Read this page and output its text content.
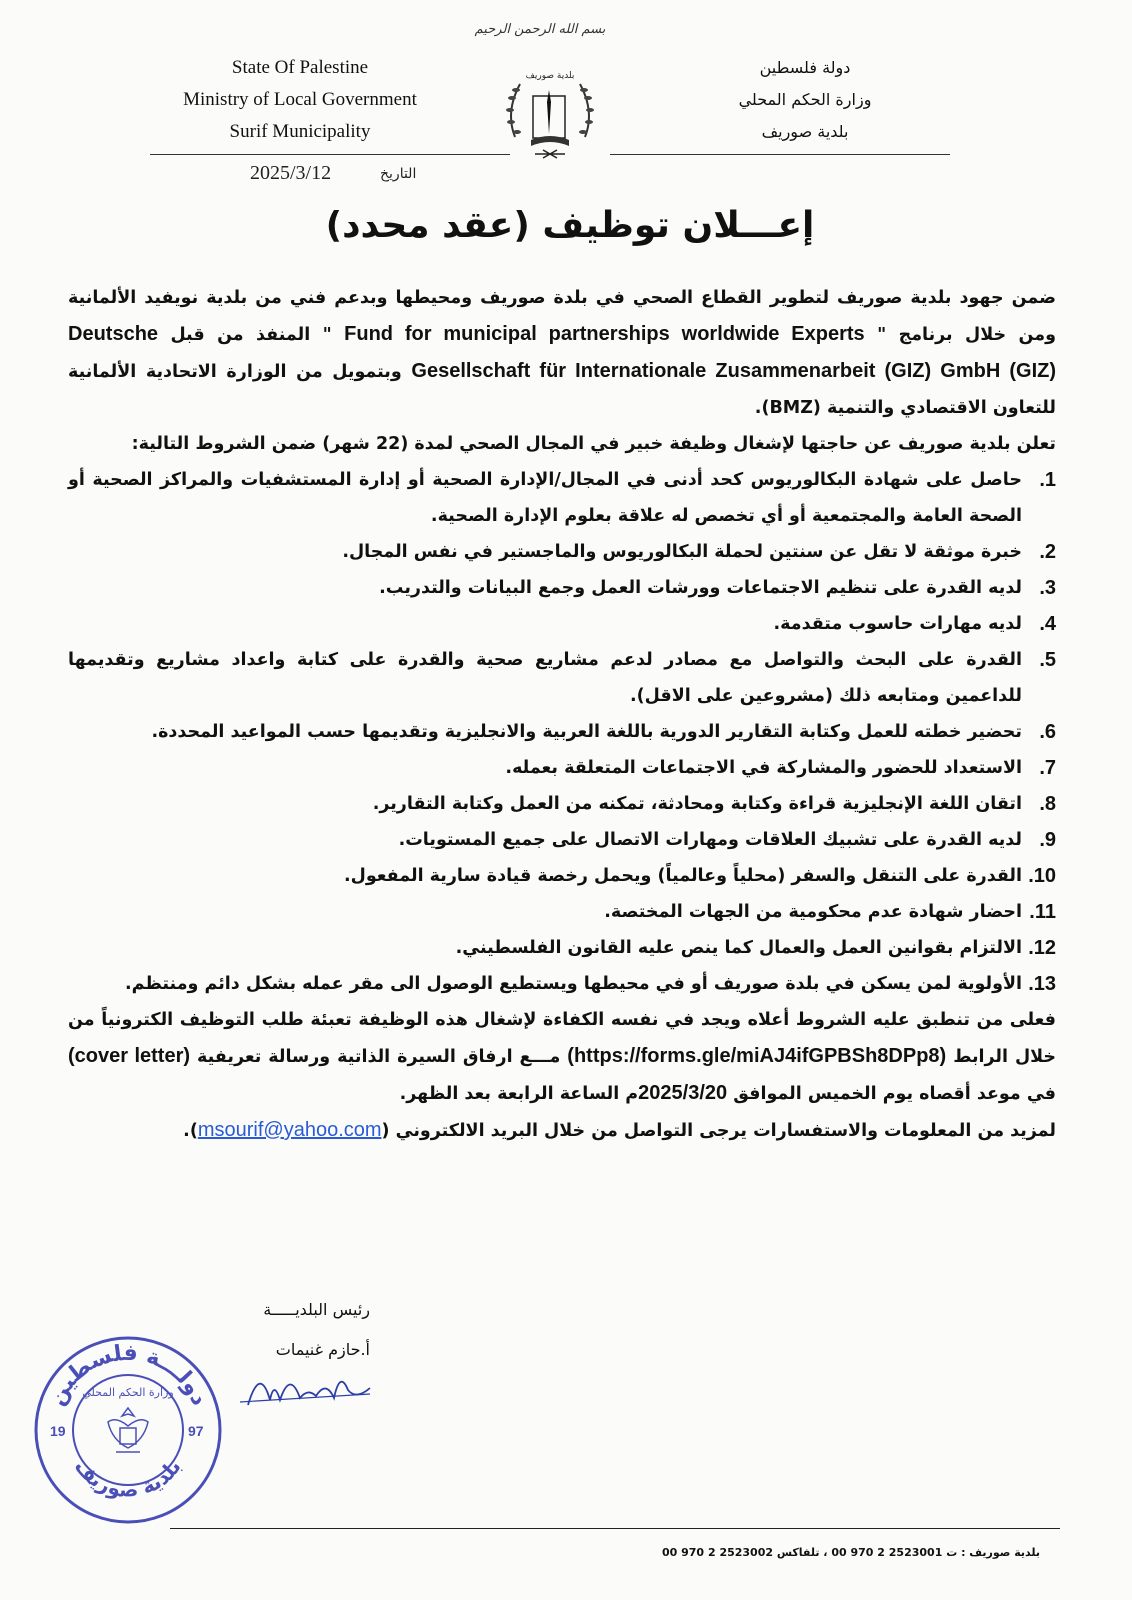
بسم الله الرحمن الرحيم
State Of Palestine
Ministry of Local Government
Surif Municipality
بلدية صوريف	دولة فلسطين
وزارة الحكم المحلي
بلدية صوريف
2025/3/12	التاريخ
إعـــلان توظيف (عقد محدد)

ضمن جهود بلدية صوريف لتطوير القطاع الصحي في بلدة صوريف ومحيطها وبدعم فني من بلدية نويفيد الألمانية ومن خلال برنامج " Fund for municipal partnerships worldwide Experts " المنفذ من قبل Deutsche Gesellschaft für Internationale Zusammenarbeit (GIZ) GmbH (GIZ) وبتمويل من الوزارة الاتحادية الألمانية للتعاون الاقتصادي والتنمية (BMZ).

تعلن بلدية صوريف عن حاجتها لإشغال وظيفة خبير في المجال الصحي لمدة (22 شهر) ضمن الشروط التالية:

1.
حاصل على شهادة البكالوريوس كحد أدنى في المجال/الإدارة الصحية أو إدارة المستشفيات والمراكز الصحية أو الصحة العامة والمجتمعية أو أي تخصص له علاقة بعلوم الإدارة الصحية.

2.
خبرة موثقة لا تقل عن سنتين لحملة البكالوريوس والماجستير في نفس المجال.

3.
لديه القدرة على تنظيم الاجتماعات وورشات العمل وجمع البيانات والتدريب.

4.
لديه مهارات حاسوب متقدمة.

5.
القدرة على البحث والتواصل مع مصادر لدعم مشاريع صحية والقدرة على كتابة واعداد مشاريع وتقديمها للداعمين ومتابعه ذلك (مشروعين على الاقل).

6.
تحضير خطته للعمل وكتابة التقارير الدورية باللغة العربية والانجليزية وتقديمها حسب المواعيد المحددة.

7.
الاستعداد للحضور والمشاركة في الاجتماعات المتعلقة بعمله.

8.
اتقان اللغة الإنجليزية قراءة وكتابة ومحادثة، تمكنه من العمل وكتابة التقارير.

9.
لديه القدرة على تشبيك العلاقات ومهارات الاتصال على جميع المستويات.

10.
القدرة على التنقل والسفر (محلياً وعالمياً) ويحمل رخصة قيادة سارية المفعول.

11.
احضار شهادة عدم محكومية من الجهات المختصة.

12.
الالتزام بقوانين العمل والعمال كما ينص عليه القانون الفلسطيني.

13.
الأولوية لمن يسكن في بلدة صوريف أو في محيطها ويستطيع الوصول الى مقر عمله بشكل دائم ومنتظم.

فعلى من تنطبق عليه الشروط أعلاه ويجد في نفسه الكفاءة لإشغال هذه الوظيفة تعبئة طلب التوظيف الكترونياً من خلال الرابط (https://forms.gle/miAJ4ifGPBSh8DPp8) مـــع ارفاق السيرة الذاتية ورسالة تعريفية (cover letter) في موعد أقصاه يوم الخميس الموافق 2025/3/20م الساعة الرابعة بعد الظهر.

لمزيد من المعلومات والاستفسارات يرجى التواصل من خلال البريد الالكتروني (msourif@yahoo.com).

رئيس البلديـــــة
أ.حازم غنيمات
دولـــة فلسطين
وزارة الحكم المحلي
بلدية صوريف
19	97
بلدية صوريف : ت 2523001 2 970 00 ، تلفاكس 2523002 2 970 00
